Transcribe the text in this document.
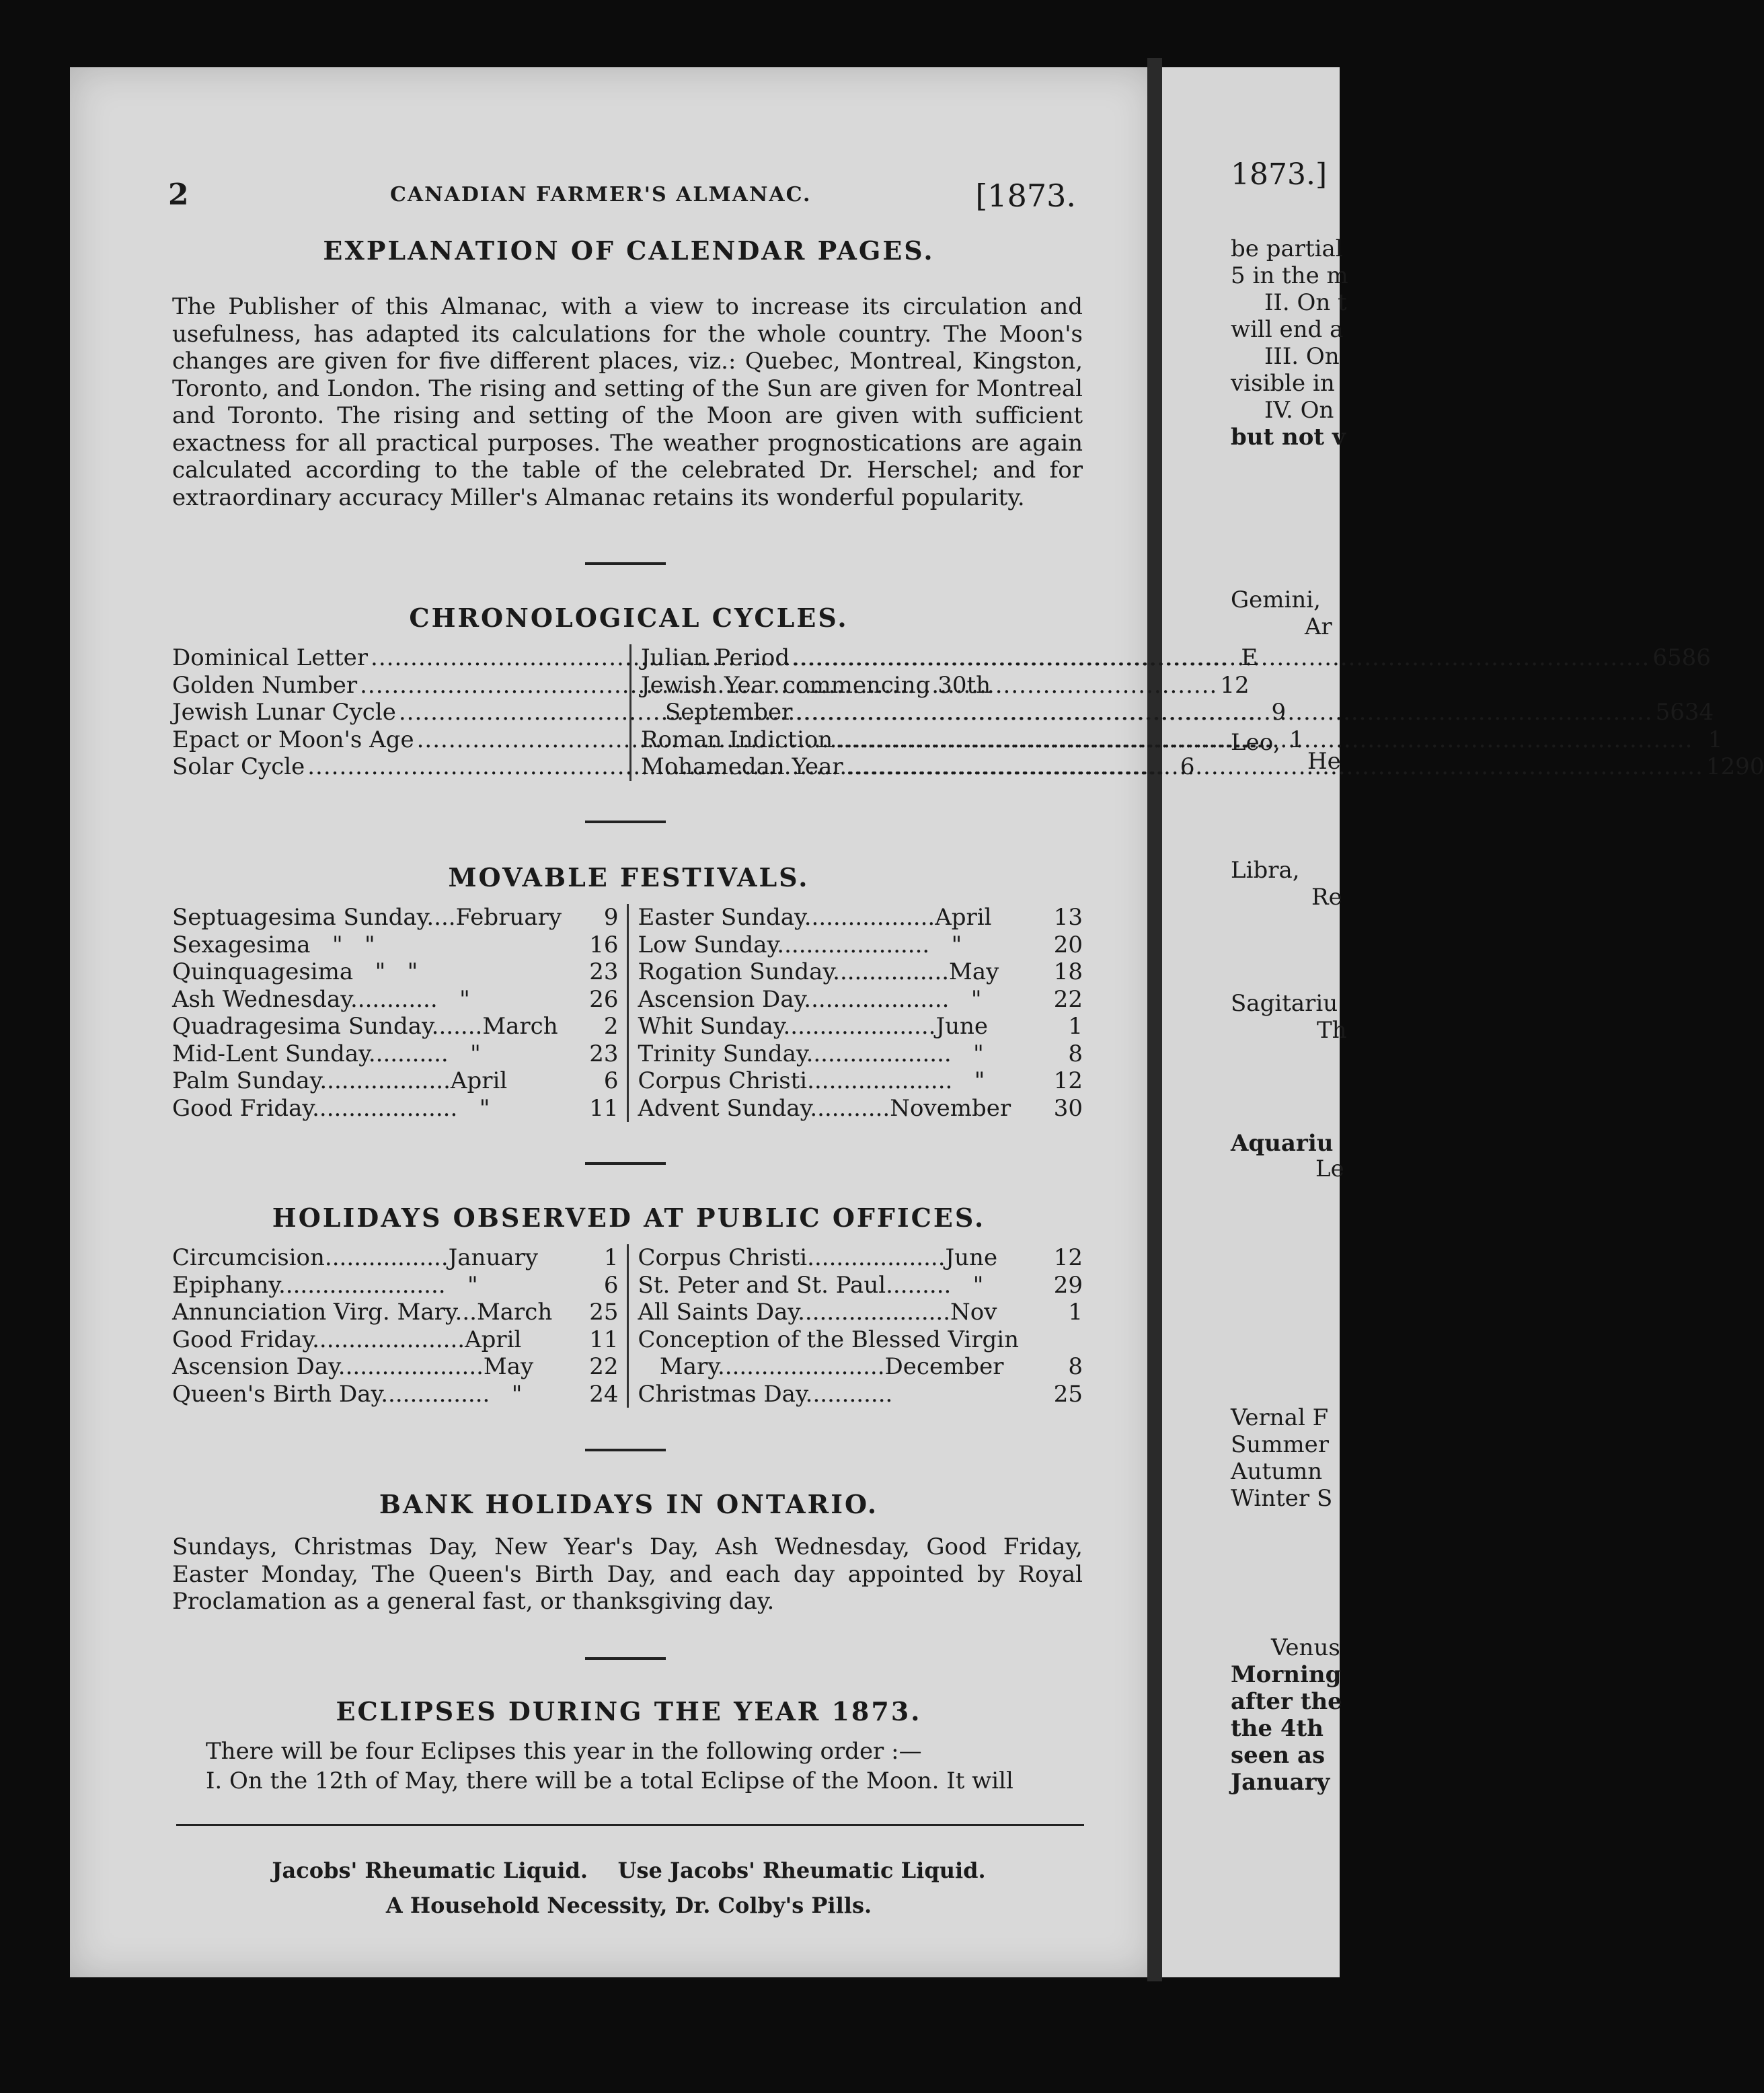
2	CANADIAN FARMER'S ALMANAC.	[1873.
EXPLANATION OF CALENDAR PAGES.

The Publisher of this Almanac, with a view to increase its circulation and usefulness, has adapted its calculations for the whole country. The Moon's changes are given for five different places, viz.: Quebec, Montreal, Kingston, Toronto, and London. The rising and setting of the Sun are given for Montreal and Toronto. The rising and setting of the Moon are given with sufficient exactness for all practical purposes. The weather prognostications are again calculated according to the table of the celebrated Dr. Herschel; and for extraordinary accuracy Miller's Almanac retains its wonderful popularity.

CHRONOLOGICAL CYCLES.
Dominical Letter .....	E
Golden Number .....	12
Jewish Lunar Cycle .....	9
Epact or Moon's Age .....	1
Solar Cycle .....	6
Julian Period .....	6586
Jewish Year commencing 30th
September .....	5634
Roman Indiction .....	1
Mohamedan Year .....	1290
MOVABLE FESTIVALS.
Septuagesima Sunday....February	9
Sexagesima   "   "	16
Quinquagesima   "   "	23
Ash Wednesday............   "	26
Quadragesima Sunday.......March	2
Mid-Lent Sunday...........   "	23
Palm Sunday..................April	6
Good Friday....................   "	11
Easter Sunday..................April	13
Low Sunday.....................   "	20
Rogation Sunday................May 18
Ascension Day....................   "	22
Whit Sunday.....................June	1
Trinity Sunday....................   "	8
Corpus Christi....................   "	12
Advent Sunday...........November 30
HOLIDAYS OBSERVED AT PUBLIC OFFICES.
Circumcision.................January	1
Epiphany.......................   "	6
Annunciation Virg. Mary...March 25
Good Friday.....................April	11
Ascension Day....................May 22
Queen's Birth Day...............   "	24
Corpus Christi...................June 12
St. Peter and St. Paul.........   "	29
All Saints Day.....................Nov	1
Conception of the Blessed Virgin
Mary.......................December	8
Christmas Day............	25
BANK HOLIDAYS IN ONTARIO.

Sundays, Christmas Day, New Year's Day, Ash Wednesday, Good Friday, Easter Monday, The Queen's Birth Day, and each day appointed by Royal Proclamation as a general fast, or thanksgiving day.

ECLIPSES DURING THE YEAR 1873.

There will be four Eclipses this year in the following order :—

I. On the 12th of May, there will be a total Eclipse of the Moon. It will

Jacobs' Rheumatic Liquid.    Use Jacobs' Rheumatic Liquid.
A Household Necessity, Dr. Colby's Pills.
1873.]
be partial
5 in the m
II. On t
will end a
III. On
visible in
IV. On
but not v
Gemini,
Ar
Leo,
He
Libra,
Re
Sagitariu
Th
Aquariu
Le
Vernal F
Summer
Autumn
Winter S
Venus
Morning
after the
the 4th
seen as
January
